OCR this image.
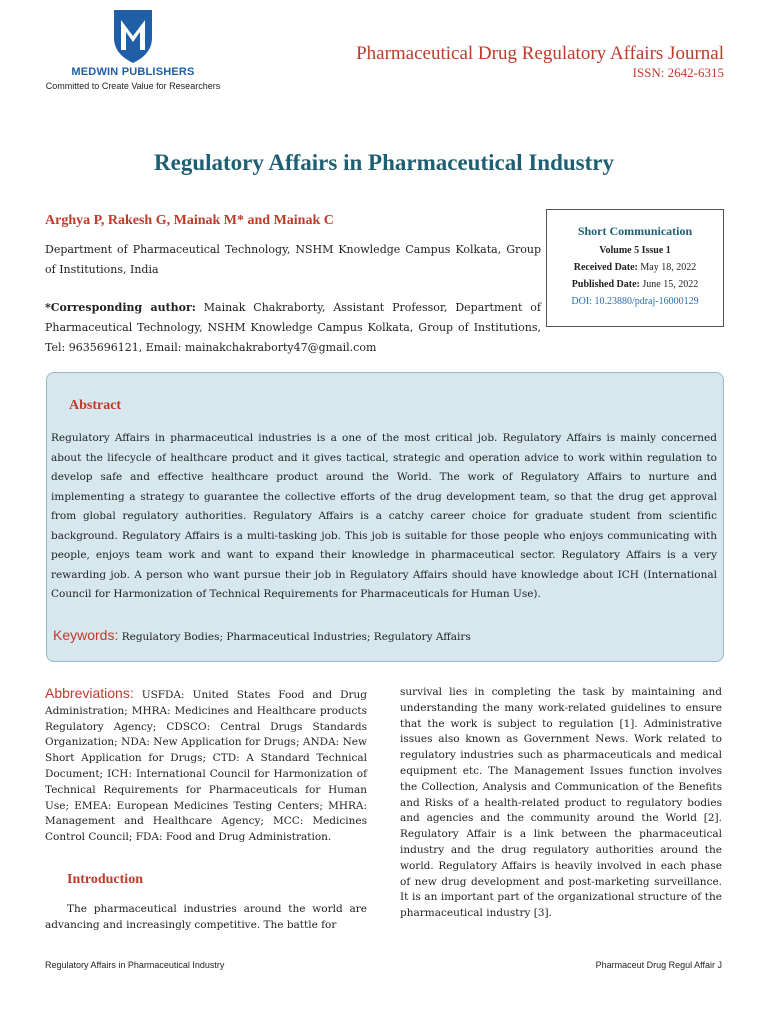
MEDWIN PUBLISHERS
Committed to Create Value for Researchers
Pharmaceutical Drug Regulatory Affairs Journal
ISSN: 2642-6315
Regulatory Affairs in Pharmaceutical Industry
Arghya P, Rakesh G, Mainak M* and Mainak C
Department of Pharmaceutical Technology, NSHM Knowledge Campus Kolkata, Group of Institutions, India
*Corresponding author: Mainak Chakraborty, Assistant Professor, Department of Pharmaceutical Technology, NSHM Knowledge Campus Kolkata, Group of Institutions, Tel: 9635696121, Email: mainakchakraborty47@gmail.com
Short Communication
Volume 5 Issue 1
Received Date: May 18, 2022
Published Date: June 15, 2022
DOI: 10.23880/pdraj-16000129
Abstract
Regulatory Affairs in pharmaceutical industries is a one of the most critical job. Regulatory Affairs is mainly concerned about the lifecycle of healthcare product and it gives tactical, strategic and operation advice to work within regulation to develop safe and effective healthcare product around the World. The work of Regulatory Affairs to nurture and implementing a strategy to guarantee the collective efforts of the drug development team, so that the drug get approval from global regulatory authorities. Regulatory Affairs is a catchy career choice for graduate student from scientific background. Regulatory Affairs is a multi-tasking job. This job is suitable for those people who enjoys communicating with people, enjoys team work and want to expand their knowledge in pharmaceutical sector. Regulatory Affairs is a very rewarding job. A person who want pursue their job in Regulatory Affairs should have knowledge about ICH (International Council for Harmonization of Technical Requirements for Pharmaceuticals for Human Use).
Keywords: Regulatory Bodies; Pharmaceutical Industries; Regulatory Affairs
Abbreviations: USFDA: United States Food and Drug Administration; MHRA: Medicines and Healthcare products Regulatory Agency; CDSCO: Central Drugs Standards Organization; NDA: New Application for Drugs; ANDA: New Short Application for Drugs; CTD: A Standard Technical Document; ICH: International Council for Harmonization of Technical Requirements for Pharmaceuticals for Human Use; EMEA: European Medicines Testing Centers; MHRA: Management and Healthcare Agency; MCC: Medicines Control Council; FDA: Food and Drug Administration.
Introduction
The pharmaceutical industries around the world are advancing and increasingly competitive. The battle for
survival lies in completing the task by maintaining and understanding the many work-related guidelines to ensure that the work is subject to regulation [1]. Administrative issues also known as Government News. Work related to regulatory industries such as pharmaceuticals and medical equipment etc. The Management Issues function involves the Collection, Analysis and Communication of the Benefits and Risks of a health-related product to regulatory bodies and agencies and the community around the World [2]. Regulatory Affair is a link between the pharmaceutical industry and the drug regulatory authorities around the world. Regulatory Affairs is heavily involved in each phase of new drug development and post-marketing surveillance. It is an important part of the organizational structure of the pharmaceutical industry [3].
Regulatory Affairs in Pharmaceutical Industry	Pharmaceut Drug Regul Affair J
